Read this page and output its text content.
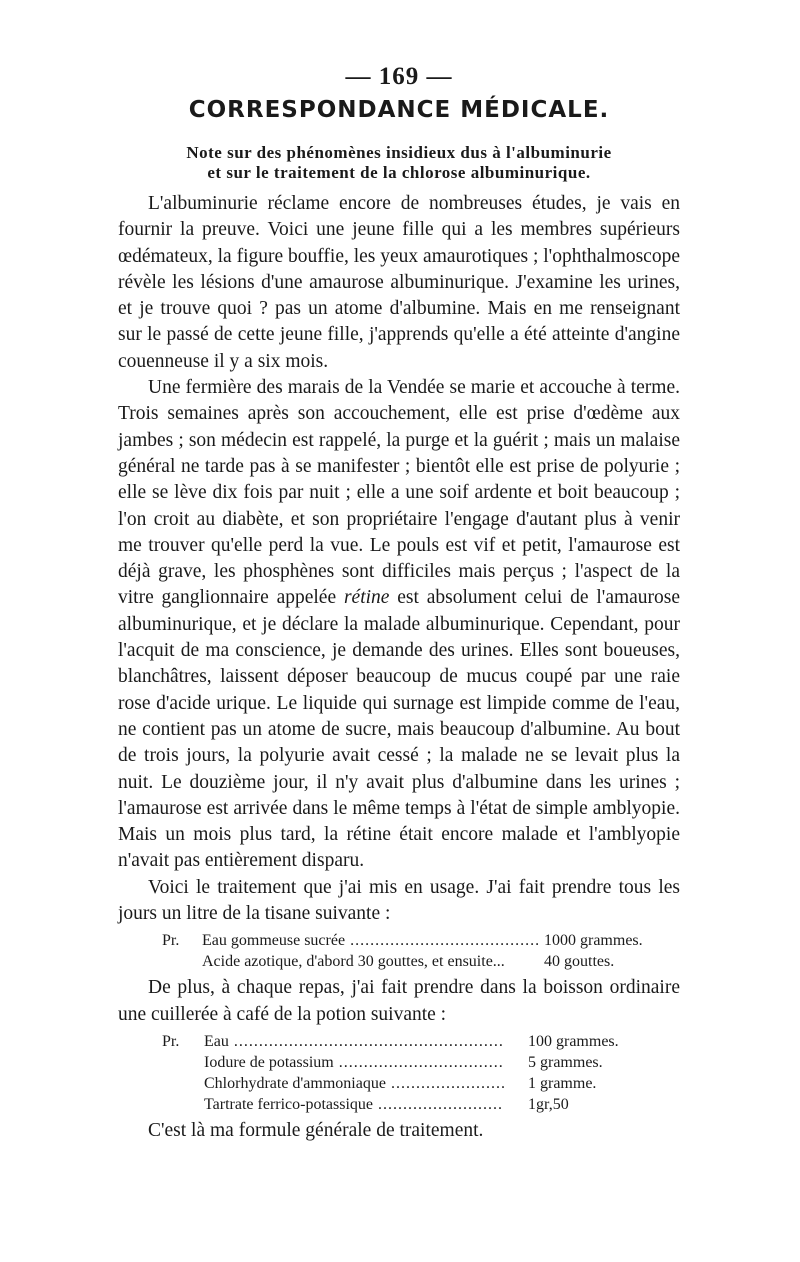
— 169 —
CORRESPONDANCE MÉDICALE.
Note sur des phénomènes insidieux dus à l'albuminurie
et sur le traitement de la chlorose albuminurique.

L'albuminurie réclame encore de nombreuses études, je vais en fournir la preuve. Voici une jeune fille qui a les membres supérieurs œdémateux, la figure bouffie, les yeux amaurotiques ; l'ophthalmoscope révèle les lésions d'une amaurose albuminurique. J'examine les urines, et je trouve quoi ? pas un atome d'albumine. Mais en me renseignant sur le passé de cette jeune fille, j'apprends qu'elle a été atteinte d'angine couenneuse il y a six mois.

Une fermière des marais de la Vendée se marie et accouche à terme. Trois semaines après son accouchement, elle est prise d'œdème aux jambes ; son médecin est rappelé, la purge et la guérit ; mais un malaise général ne tarde pas à se manifester ; bientôt elle est prise de polyurie ; elle se lève dix fois par nuit ; elle a une soif ardente et boit beaucoup ; l'on croit au diabète, et son propriétaire l'engage d'autant plus à venir me trouver qu'elle perd la vue. Le pouls est vif et petit, l'amaurose est déjà grave, les phosphènes sont difficiles mais perçus ; l'aspect de la vitre ganglionnaire appelée rétine est absolument celui de l'amaurose albuminurique, et je déclare la malade albuminurique. Cependant, pour l'acquit de ma conscience, je demande des urines. Elles sont boueuses, blanchâtres, laissent déposer beaucoup de mucus coupé par une raie rose d'acide urique. Le liquide qui surnage est limpide comme de l'eau, ne contient pas un atome de sucre, mais beaucoup d'albumine. Au bout de trois jours, la polyurie avait cessé ; la malade ne se levait plus la nuit. Le douzième jour, il n'y avait plus d'albumine dans les urines ; l'amaurose est arrivée dans le même temps à l'état de simple amblyopie. Mais un mois plus tard, la rétine était encore malade et l'amblyopie n'avait pas entièrement disparu.

Voici le traitement que j'ai mis en usage. J'ai fait prendre tous les jours un litre de la tisane suivante :

Pr.	Eau gommeuse sucrée .....	1000 grammes.
Acide azotique, d'abord 30 gouttes, et ensuite...	40 gouttes.

De plus, à chaque repas, j'ai fait prendre dans la boisson ordinaire une cuillerée à café de la potion suivante :

Pr.	Eau .....	100 grammes.
Iodure de potassium .....	5 grammes.
Chlorhydrate d'ammoniaque .....	1 gramme.
Tartrate ferrico-potassique .....	1gr,50

C'est là ma formule générale de traitement.
